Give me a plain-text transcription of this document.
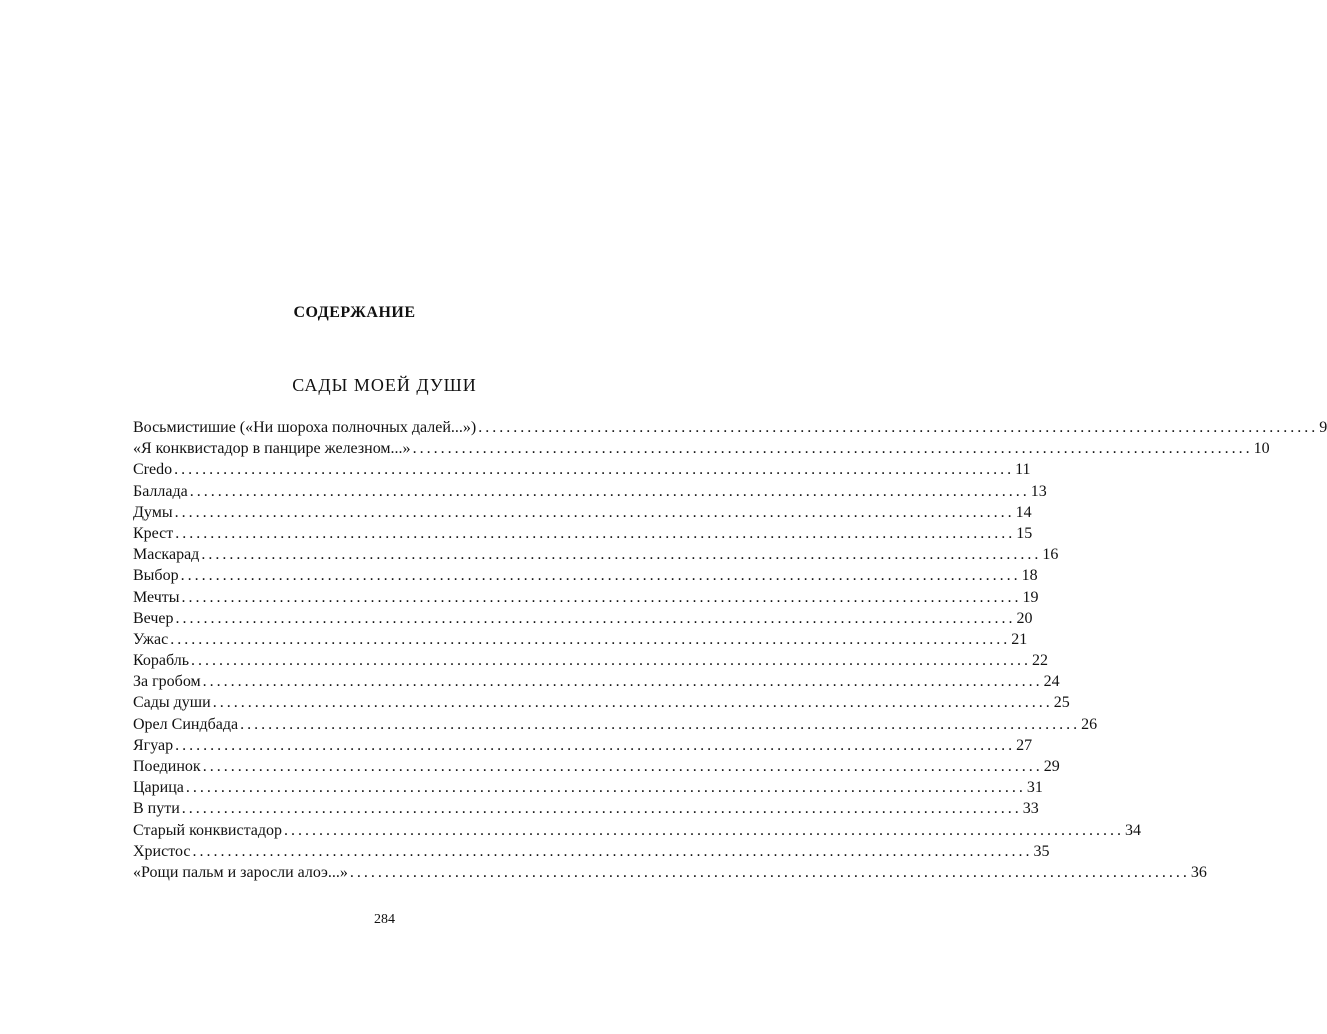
СОДЕРЖАНИЕ
САДЫ МОЕЙ ДУШИ
Восьмистишие («Ни шороха полночных далей...») ........................................................................................................................ 9
«Я конквистадор в панцире железном...» ........................................................................................................................ 10
Credo ........................................................................................................................ 11
Баллада ........................................................................................................................ 13
Думы ........................................................................................................................ 14
Крест ........................................................................................................................ 15
Маскарад ........................................................................................................................ 16
Выбор ........................................................................................................................ 18
Мечты ........................................................................................................................ 19
Вечер ........................................................................................................................ 20
Ужас ........................................................................................................................ 21
Корабль ........................................................................................................................ 22
За гробом ........................................................................................................................ 24
Сады души ........................................................................................................................ 25
Орел Синдбада ........................................................................................................................ 26
Ягуар ........................................................................................................................ 27
Поединок ........................................................................................................................ 29
Царица ........................................................................................................................ 31
В пути ........................................................................................................................ 33
Старый конквистадор ........................................................................................................................ 34
Христос ........................................................................................................................ 35
«Рощи пальм и заросли алоэ...» ........................................................................................................................ 36
284
